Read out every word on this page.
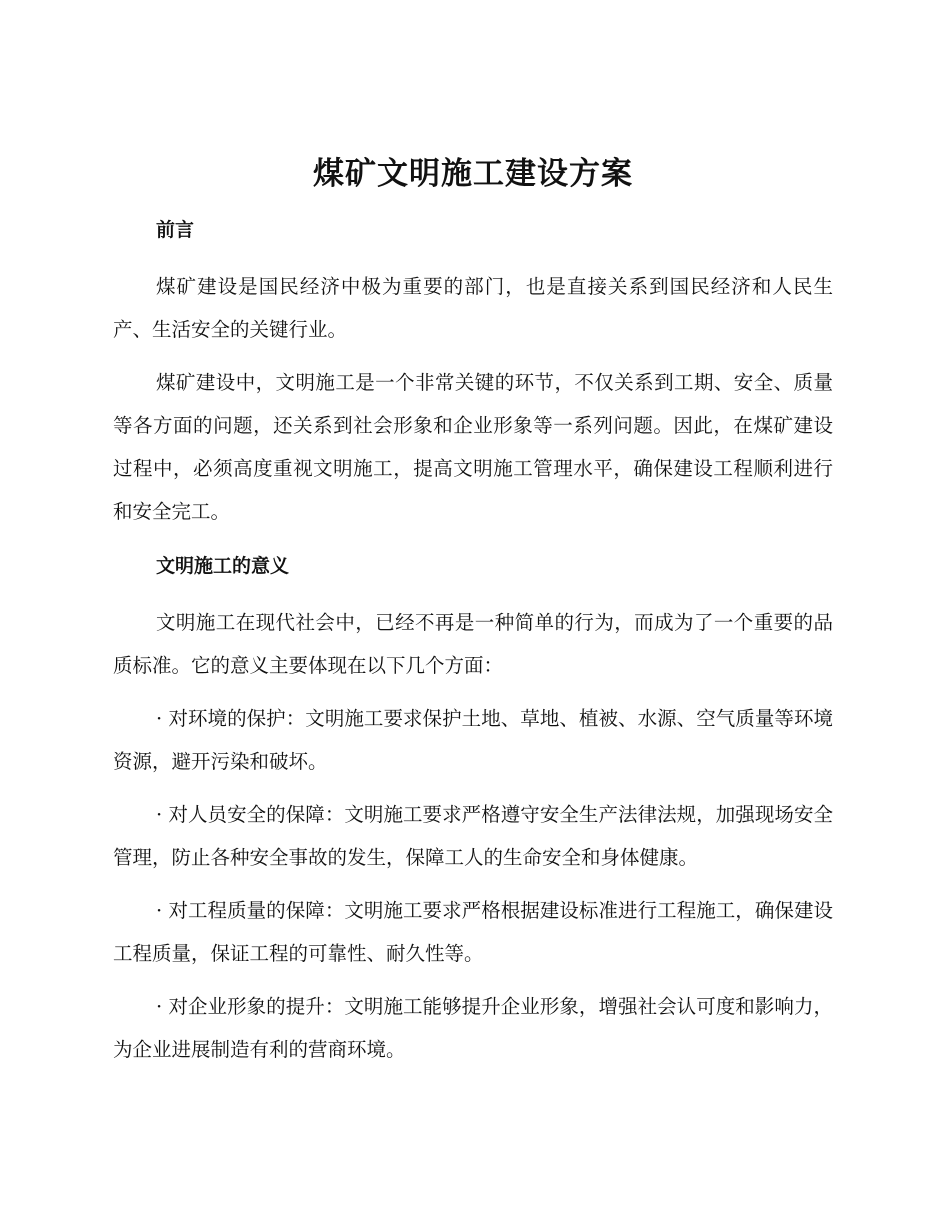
煤矿文明施工建设方案
前言

煤矿建设是国民经济中极为重要的部门，也是直接关系到国民经济和人民生产、生活安全的关键行业。

煤矿建设中，文明施工是一个非常关键的环节，不仅关系到工期、安全、质量等各方面的问题，还关系到社会形象和企业形象等一系列问题。因此，在煤矿建设过程中，必须高度重视文明施工，提高文明施工管理水平，确保建设工程顺利进行和安全完工。

文明施工的意义

文明施工在现代社会中，已经不再是一种简单的行为，而成为了一个重要的品质标准。它的意义主要体现在以下几个方面：

· 对环境的保护：文明施工要求保护土地、草地、植被、水源、空气质量等环境资源，避开污染和破坏。

· 对人员安全的保障：文明施工要求严格遵守安全生产法律法规，加强现场安全管理，防止各种安全事故的发生，保障工人的生命安全和身体健康。

· 对工程质量的保障：文明施工要求严格根据建设标准进行工程施工，确保建设工程质量，保证工程的可靠性、耐久性等。

· 对企业形象的提升：文明施工能够提升企业形象，增强社会认可度和影响力，为企业进展制造有利的营商环境。
